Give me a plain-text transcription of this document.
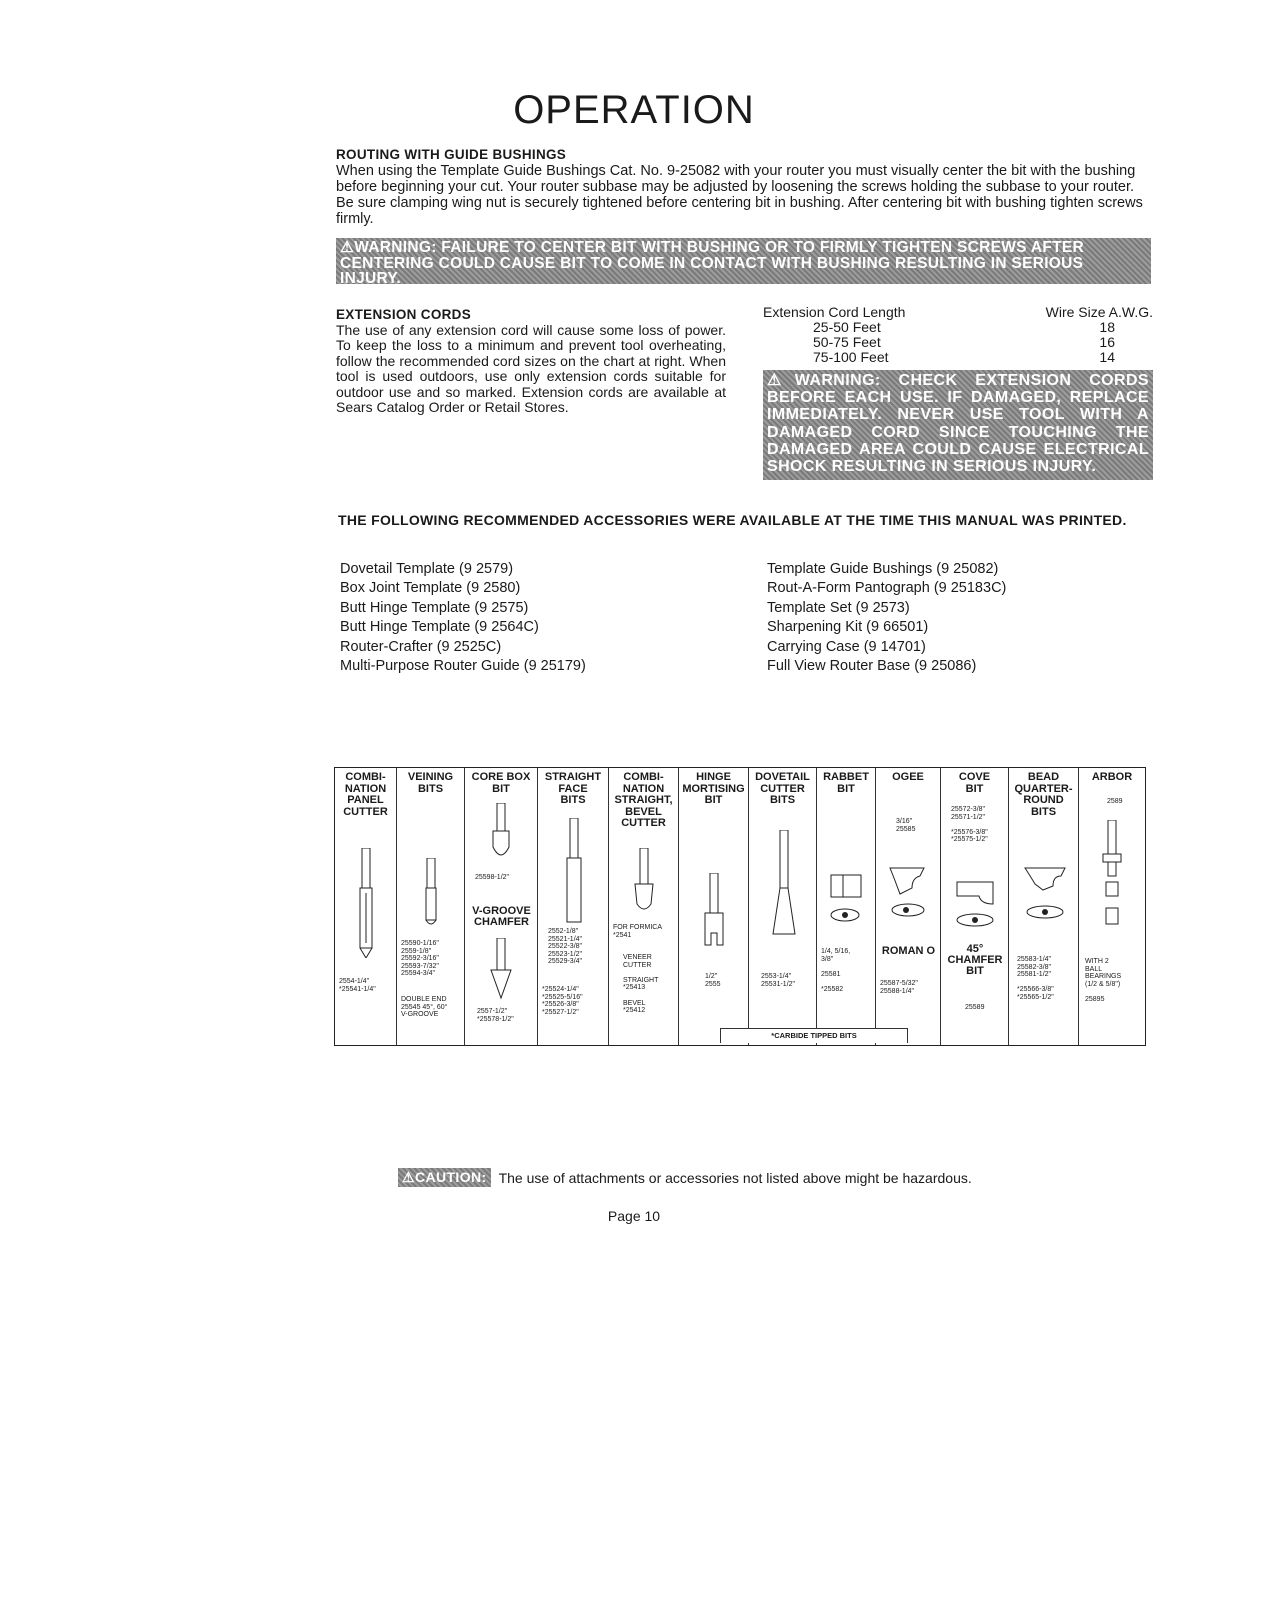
OPERATION
ROUTING WITH GUIDE BUSHINGS
When using the Template Guide Bushings Cat. No. 9-25082 with your router you must visually center the bit with the bushing before beginning your cut. Your router subbase may be adjusted by loosening the screws holding the subbase to your router. Be sure clamping wing nut is securely tightened before centering bit in bushing. After centering bit with bushing tighten screws firmly.
⚠WARNING: FAILURE TO CENTER BIT WITH BUSHING OR TO FIRMLY TIGHTEN SCREWS AFTER CENTERING COULD CAUSE BIT TO COME IN CONTACT WITH BUSHING RESULTING IN SERIOUS INJURY.
EXTENSION CORDS
The use of any extension cord will cause some loss of power. To keep the loss to a minimum and prevent tool overheating, follow the recommended cord sizes on the chart at right. When tool is used outdoors, use only extension cords suitable for outdoor use and so marked. Extension cords are available at Sears Catalog Order or Retail Stores.
Extension Cord Length	Wire Size A.W.G.
25-50 Feet	18
50-75 Feet	16
75-100 Feet	14
⚠WARNING: CHECK EXTENSION CORDS BEFORE EACH USE. IF DAMAGED, REPLACE IMMEDIATELY. NEVER USE TOOL WITH A DAMAGED CORD SINCE TOUCHING THE DAMAGED AREA COULD CAUSE ELECTRICAL SHOCK RESULTING IN SERIOUS INJURY.
THE FOLLOWING RECOMMENDED ACCESSORIES WERE AVAILABLE AT THE TIME THIS MANUAL WAS PRINTED.
Dovetail Template (9 2579)
Box Joint Template (9 2580)
Butt Hinge Template (9 2575)
Butt Hinge Template (9 2564C)
Router-Crafter (9 2525C)
Multi-Purpose Router Guide (9 25179)
Template Guide Bushings (9 25082)
Rout-A-Form Pantograph (9 25183C)
Template Set (9 2573)
Sharpening Kit (9 66501)
Carrying Case (9 14701)
Full View Router Base (9 25086)
COMBI-
NATION
PANEL
CUTTER
2554-1/4"
*25541-1/4"
VEINING
BITS
25590-1/16"
2559-1/8"
25592-3/16"
25593-7/32"
25594-3/4"
DOUBLE END
25545 45°, 60°
V-GROOVE
CORE BOX
BIT
25598-1/2"
V-GROOVE
CHAMFER
2557-1/2"
*25578-1/2"
STRAIGHT
FACE
BITS
2552-1/8"
25521-1/4"
25522-3/8"
25523-1/2"
25529-3/4"
*25524-1/4"
*25525-5/16"
*25526-3/8"
*25527-1/2"
COMBI-
NATION
STRAIGHT,
BEVEL
CUTTER
FOR FORMICA
*2541
VENEER
CUTTER

STRAIGHT
*25413

BEVEL
*25412
HINGE
MORTISING
BIT
1/2"
2555
DOVETAIL
CUTTER
BITS
2553-1/4"
25531-1/2"
RABBET
BIT
1/4, 5/16,
3/8"

25581

*25582
OGEE
3/16"
25585
ROMAN O
25587-5/32"
25588-1/4"
COVE
BIT
25572-3/8"
25571-1/2"

*25576-3/8"
*25575-1/2"
45°
CHAMFER
BIT
25589
BEAD
QUARTER-
ROUND
BITS
25583-1/4"
25582-3/8"
25581-1/2"

*25566-3/8"
*25565-1/2"
ARBOR
2589
WITH 2
BALL
BEARINGS
(1/2 & 5/8")

25895
*CARBIDE TIPPED BITS
⚠CAUTION: The use of attachments or accessories not listed above might be hazardous.
Page 10
